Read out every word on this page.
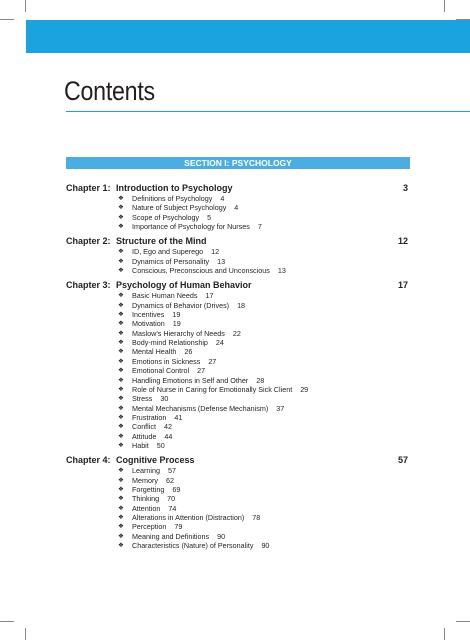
Contents
SECTION I: PSYCHOLOGY
Chapter 1: Introduction to Psychology	3
❖	Definitions of Psychology 4
❖	Nature of Subject Psychology 4
❖	Scope of Psychology 5
❖	Importance of Psychology for Nurses 7
Chapter 2: Structure of the Mind	12
❖	ID, Ego and Superego 12
❖	Dynamics of Personality 13
❖	Conscious, Preconscious and Unconscious 13
Chapter 3: Psychology of Human Behavior	17
❖	Basic Human Needs 17
❖	Dynamics of Behavior (Drives) 18
❖	Incentives 19
❖	Motivation 19
❖	Maslow's Hierarchy of Needs 22
❖	Body-mind Relationship 24
❖	Mental Health 26
❖	Emotions in Sickness 27
❖	Emotional Control 27
❖	Handling Emotions in Self and Other 28
❖	Role of Nurse in Caring for Emotionally Sick Client 29
❖	Stress 30
❖	Mental Mechanisms (Defense Mechanism) 37
❖	Frustration 41
❖	Conflict 42
❖	Attitude 44
❖	Habit 50
Chapter 4: Cognitive Process	57
❖	Learning 57
❖	Memory 62
❖	Forgetting 69
❖	Thinking 70
❖	Attention 74
❖	Alterations in Attention (Distraction) 78
❖	Perception 79
❖	Meaning and Definitions 90
❖	Characteristics (Nature) of Personality 90
